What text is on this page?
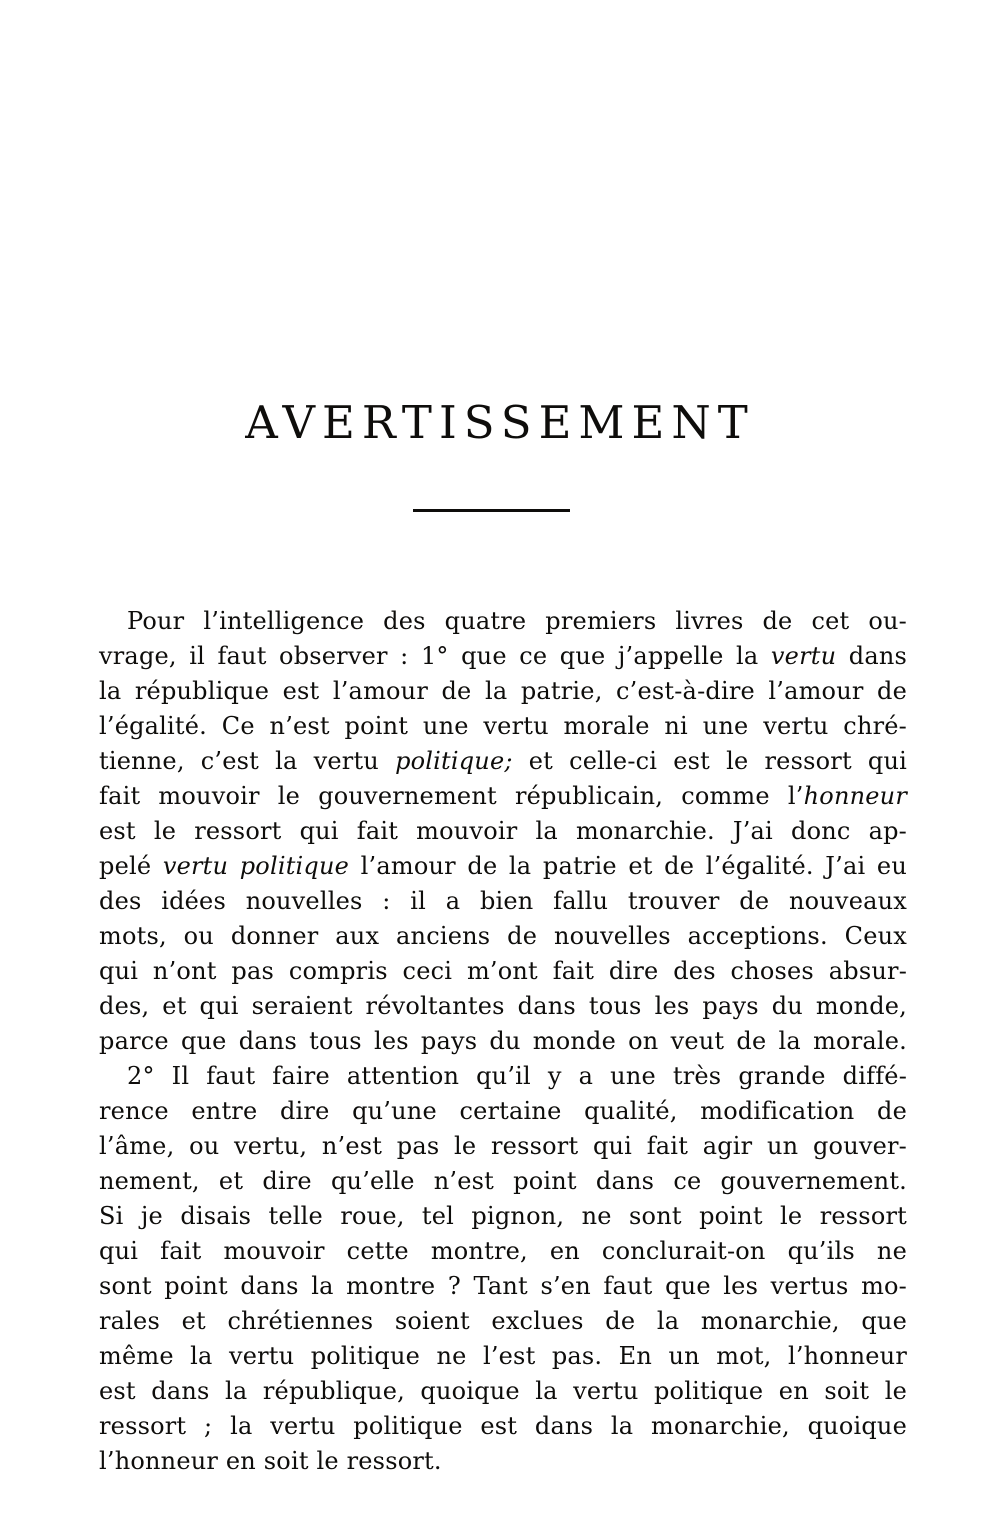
AVERTISSEMENT
Pour l’intelligence des quatre premiers livres de cet ou-
vrage, il faut observer : 1° que ce que j’appelle la vertu dans
la république est l’amour de la patrie, c’est-à-dire l’amour de
l’égalité. Ce n’est point une vertu morale ni une vertu chré-
tienne, c’est la vertu politique; et celle-ci est le ressort qui
fait mouvoir le gouvernement républicain, comme l’honneur
est le ressort qui fait mouvoir la monarchie. J’ai donc ap-
pelé vertu politique l’amour de la patrie et de l’égalité. J’ai eu
des idées nouvelles : il a bien fallu trouver de nouveaux
mots, ou donner aux anciens de nouvelles acceptions. Ceux
qui n’ont pas compris ceci m’ont fait dire des choses absur-
des, et qui seraient révoltantes dans tous les pays du monde,
parce que dans tous les pays du monde on veut de la morale.
2° Il faut faire attention qu’il y a une très grande diffé-
rence entre dire qu’une certaine qualité, modification de
l’âme, ou vertu, n’est pas le ressort qui fait agir un gouver-
nement, et dire qu’elle n’est point dans ce gouvernement.
Si je disais telle roue, tel pignon, ne sont point le ressort
qui fait mouvoir cette montre, en conclurait-on qu’ils ne
sont point dans la montre ? Tant s’en faut que les vertus mo-
rales et chrétiennes soient exclues de la monarchie, que
même la vertu politique ne l’est pas. En un mot, l’honneur
est dans la république, quoique la vertu politique en soit le
ressort ; la vertu politique est dans la monarchie, quoique
l’honneur en soit le ressort.
